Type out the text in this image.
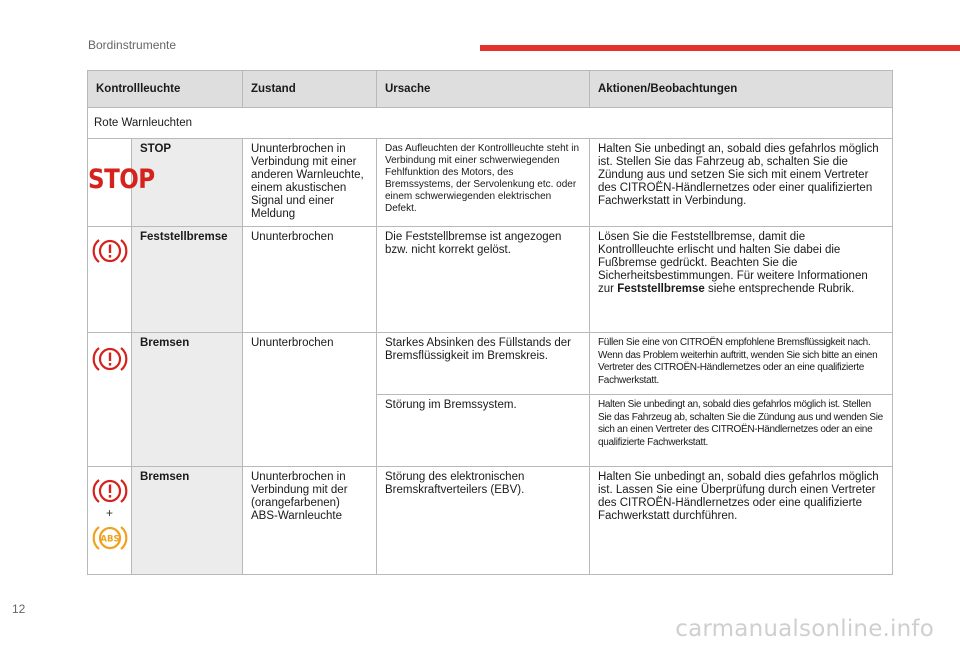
Bordinstrumente
Kontrollleuchte		Zustand	Ursache	Aktionen/Beobachtungen
Rote Warnleuchten				
STOP	STOP	Ununterbrochen in Verbindung mit einer anderen Warnleuchte, einem akustischen Signal und einer Meldung	Das Aufleuchten der Kontrollleuchte steht in Verbindung mit einer schwerwiegenden Fehlfunktion des Motors, des Bremssystems, der Servolenkung etc. oder einem schwerwiegenden elektrischen Defekt.	Halten Sie unbedingt an, sobald dies gefahrlos möglich ist. Stellen Sie das Fahrzeug ab, schalten Sie die Zündung aus und setzen Sie sich mit einem Vertreter des CITROËN-Händlernetzes oder einer qualifizierten Fachwerkstatt in Verbindung.
	Feststellbremse	Ununterbrochen	Die Feststellbremse ist angezogen bzw. nicht korrekt gelöst.	Lösen Sie die Feststellbremse, damit die Kontrollleuchte erlischt und halten Sie dabei die Fußbremse gedrückt. Beachten Sie die Sicherheitsbestimmungen. Für weitere Informationen zur Feststellbremse siehe entsprechende Rubrik.
	Bremsen	Ununterbrochen	Starkes Absinken des Füllstands der Bremsflüssigkeit im Bremskreis.	Füllen Sie eine von CITROËN empfohlene Bremsflüssigkeit nach. Wenn das Problem weiterhin auftritt, wenden Sie sich bitte an einen Vertreter des CITROËN-Händlernetzes oder an eine qualifizierte Fachwerkstatt.
			Störung im Bremssystem.	Halten Sie unbedingt an, sobald dies gefahrlos möglich ist. Stellen Sie das Fahrzeug ab, schalten Sie die Zündung aus und wenden Sie sich an einen Vertreter des CITROËN-Händlernetzes oder an eine qualifizierte Fachwerkstatt.

+
ABS	Bremsen	Ununterbrochen in Verbindung mit der (orangefarbenen) ABS-Warnleuchte	Störung des elektronischen Bremskraftverteilers (EBV).	Halten Sie unbedingt an, sobald dies gefahrlos möglich ist. Lassen Sie eine Überprüfung durch einen Vertreter des CITROËN-Händlernetzes oder eine qualifizierte Fachwerkstatt durchführen.
12
carmanualsonline.info
